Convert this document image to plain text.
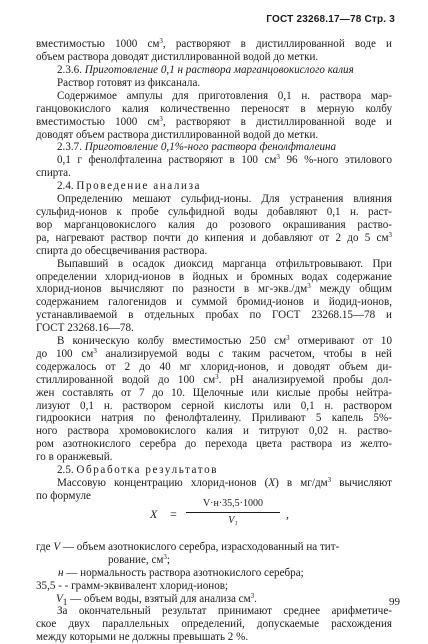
ГОСТ 23268.17—78 Стр. 3
вместимостью 1000 $см^3$, растворяют в дистиллированной воде и
объем раствора доводят дистиллированной водой до метки.
2.3.6. Приготовление 0,1 н раствора марганцовокислого калия
Раствор готовят из фиксанала.
Содержимое ампулы для приготовления 0,1 н. раствора мар-
ганцовокислого калия количественно переносят в мерную колбу
вместимостью 1000 $см^3$, растворяют в дистиллированной воде и
доводят объем раствора дистиллированной водой до метки.
2.3.7. Приготовление 0,1%-ного раствора фенолфталеина
0,1 г фенолфталеина растворяют в 100 $см^3$ 96 %-ного этилового
спирта.
2.4. Проведение анализа
Определению мешают сульфид-ионы. Для устранения влияния
сульфид-ионов к пробе сульфидной воды добавляют 0,1 н. раст-
вор марганцовокислого калия до розового окрашивания раство-
ра, нагревают раствор почти до кипения и добавляют от 2 до 5 $см^3$
спирта до обесцвечивания раствора.
Выпавший в осадок диоксид марганца отфильтровывают. При
определении хлорид-ионов в йодных и бромных водах содержание
хлорид-ионов вычисляют по разности в $мг-экв./дм^3$ между общим
содержанием галогенидов и суммой бромид-ионов и йодид-ионов,
устанавливаемой в отдельных пробах по ГОСТ 23268.15—78 и
ГОСТ 23268.16—78.
В коническую колбу вместимостью 250 $см^3$ отмеривают от 10
до 100 $см^3$ анализируемой воды с таким расчетом, чтобы в ней
содержалось от 2 до 40 мг хлорид-ионов, и доводят объем ди-
стиллированной водой до 100 $см^3$. pH анализируемой пробы дол-
жен составлять от 7 до 10. Щелочные или кислые пробы нейтра-
лизуют 0,1 н. раствором серной кислоты или 0,1 н. раствором
гидроокиси натрия по фенолфталеину. Приливают 5 капель 5%-
ного раствора хромовокислого калия и титруют 0,02 н. раство-
ром азотнокислого серебра до перехода цвета раствора из желто-
го в оранжевый.
2.5. Обработка результатов
Массовую концентрацию хлорид-ионов (X) в $мг/дм^3$ вычисляют
по формуле
X =
V·н·35,5·1000
V₁	,
где V — объем азотнокислого серебра, израсходованный на тит-
рование, $см^3$;
н — нормальность раствора азотнокислого серебра;
35,5 - - грамм-эквивалент хлорид-ионов;
$V_1$ — объем воды, взятый для анализа $см^3$.	99
За окончательный результат принимают среднее арифметиче-
ское двух параллельных определений, допускаемые расхождения
между которыми не должны превышать 2 %.
